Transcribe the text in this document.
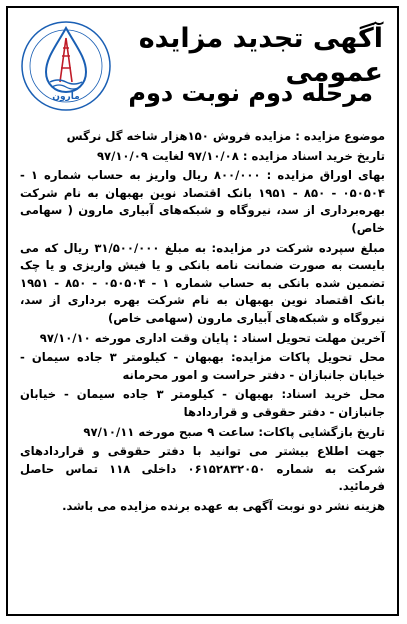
مارون
آگهی تجدید مزایده عمومی
مرحله دوم نوبت دوم

موضوع مزایده : مزایده فروش ۱۵۰هزار شاخه گل نرگس

تاریخ خرید اسناد مزایده : ۹۷/۱۰/۰۸ لغایت ۹۷/۱۰/۰۹

بهای اوراق مزایده : ۸۰۰/۰۰۰ ریال واریز به حساب شماره ۱ - ۰۵۰۵۰۴ - ۸۵۰ - ۱۹۵۱ بانک اقتصاد نوین بهبهان به نام شرکت بهره‌برداری از سد، نیروگاه و شبکه‌های آبیاری مارون ( سهامی خاص)

مبلغ سپرده شرکت در مزایده: به مبلغ ۳۱/۵۰۰/۰۰۰ ریال که می بایست به صورت ضمانت نامه بانکی و یا فیش واریزی و یا چک تضمین شده بانکی به حساب شماره ۱ - ۰۵۰۵۰۴ - ۸۵۰ - ۱۹۵۱ بانک اقتصاد نوین بهبهان به نام شرکت بهره برداری از سد، نیروگاه و شبکه‌های آبیاری مارون (سهامی خاص)

آخرین مهلت تحویل اسناد : پایان وقت اداری مورخه ۹۷/۱۰/۱۰

محل تحویل پاکات مزایده: بهبهان - کیلومتر ۳ جاده سیمان - خیابان جانبازان - دفتر حراست و امور محرمانه

محل خرید اسناد: بهبهان - کیلومتر ۳ جاده سیمان - خیابان جانبازان - دفتر حقوقی و قراردادها

تاریخ بازگشایی پاکات: ساعت ۹ صبح مورخه ۹۷/۱۰/۱۱

جهت اطلاع بیشتر می توانید با دفتر حقوقی و قراردادهای شرکت به شماره ۰۶۱۵۲۸۳۲۰۵۰ داخلی ۱۱۸ تماس حاصل فرمائید.

هزینه نشر دو نوبت آگهی به عهده برنده مزایده می باشد.
